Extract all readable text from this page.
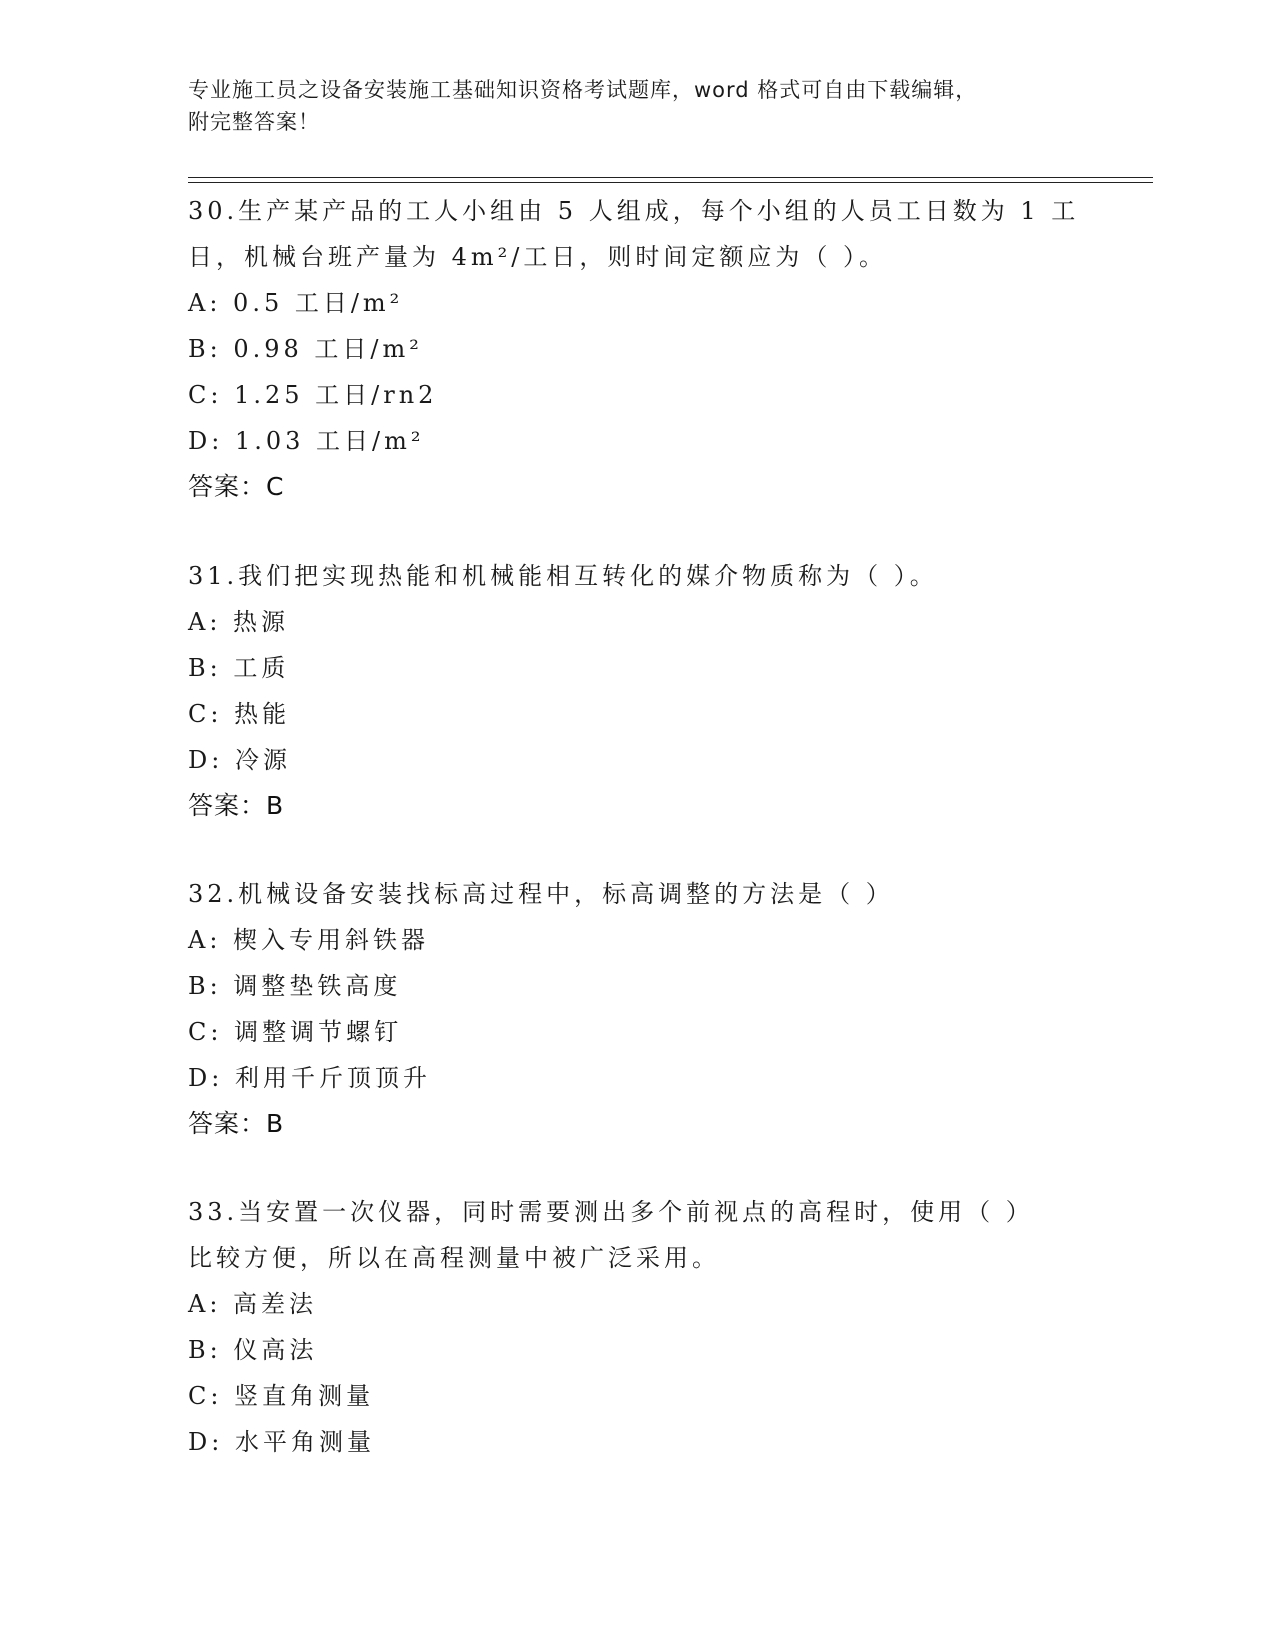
专业施工员之设备安装施工基础知识资格考试题库，word 格式可自由下载编辑，
附完整答案！
30.生产某产品的工人小组由 5 人组成，每个小组的人员工日数为 1 工
日，机械台班产量为 4m²/工日，则时间定额应为（ ）。
A: 0.5 工日/m²
B: 0.98 工日/m²
C: 1.25 工日/rn2
D: 1.03 工日/m²
答案：C
31.我们把实现热能和机械能相互转化的媒介物质称为（ ）。
A: 热源
B: 工质
C: 热能
D: 冷源
答案：B
32.机械设备安装找标高过程中，标高调整的方法是（ ）
A: 楔入专用斜铁器
B: 调整垫铁高度
C: 调整调节螺钉
D: 利用千斤顶顶升
答案：B
33.当安置一次仪器，同时需要测出多个前视点的高程时，使用（ ）
比较方便，所以在高程测量中被广泛采用。
A: 高差法
B: 仪高法
C: 竖直角测量
D: 水平角测量
